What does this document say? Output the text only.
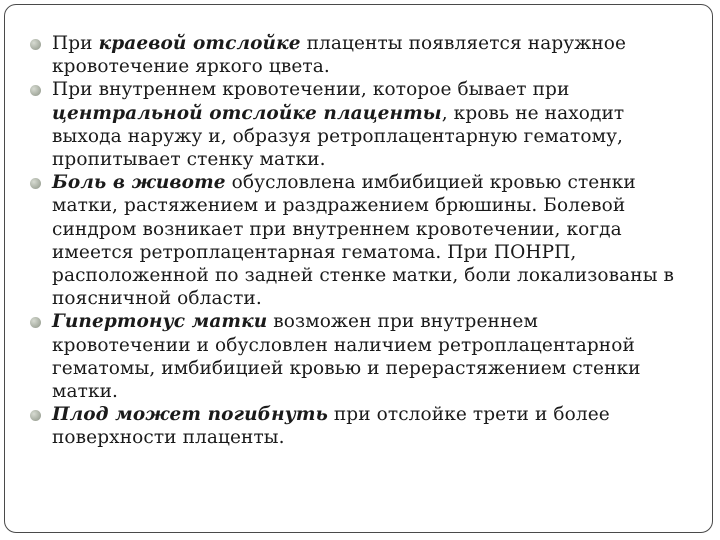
При краевой отслойке плаценты появляется наружное кровотечение яркого цвета.
При внутреннем кровотечении, которое бывает при центральной отслойке плаценты, кровь не находит выхода наружу и, образуя ретроплацентарную гематому, пропитывает стенку матки.
Боль в животе обусловлена имбибицией кровью стенки матки, растяжением и раздражением брюшины. Болевой синдром возникает при внутреннем кровотечении, когда имеется ретроплацентарная гематома. При ПОНРП, расположенной по задней стенке матки, боли локализованы в поясничной области.
Гипертонус матки возможен при внутреннем кровотечении и обусловлен наличием ретроплацентарной гематомы, имбибицией кровью и перерастяжением стенки матки.
Плод может погибнуть при отслойке трети и более поверхности плаценты.
